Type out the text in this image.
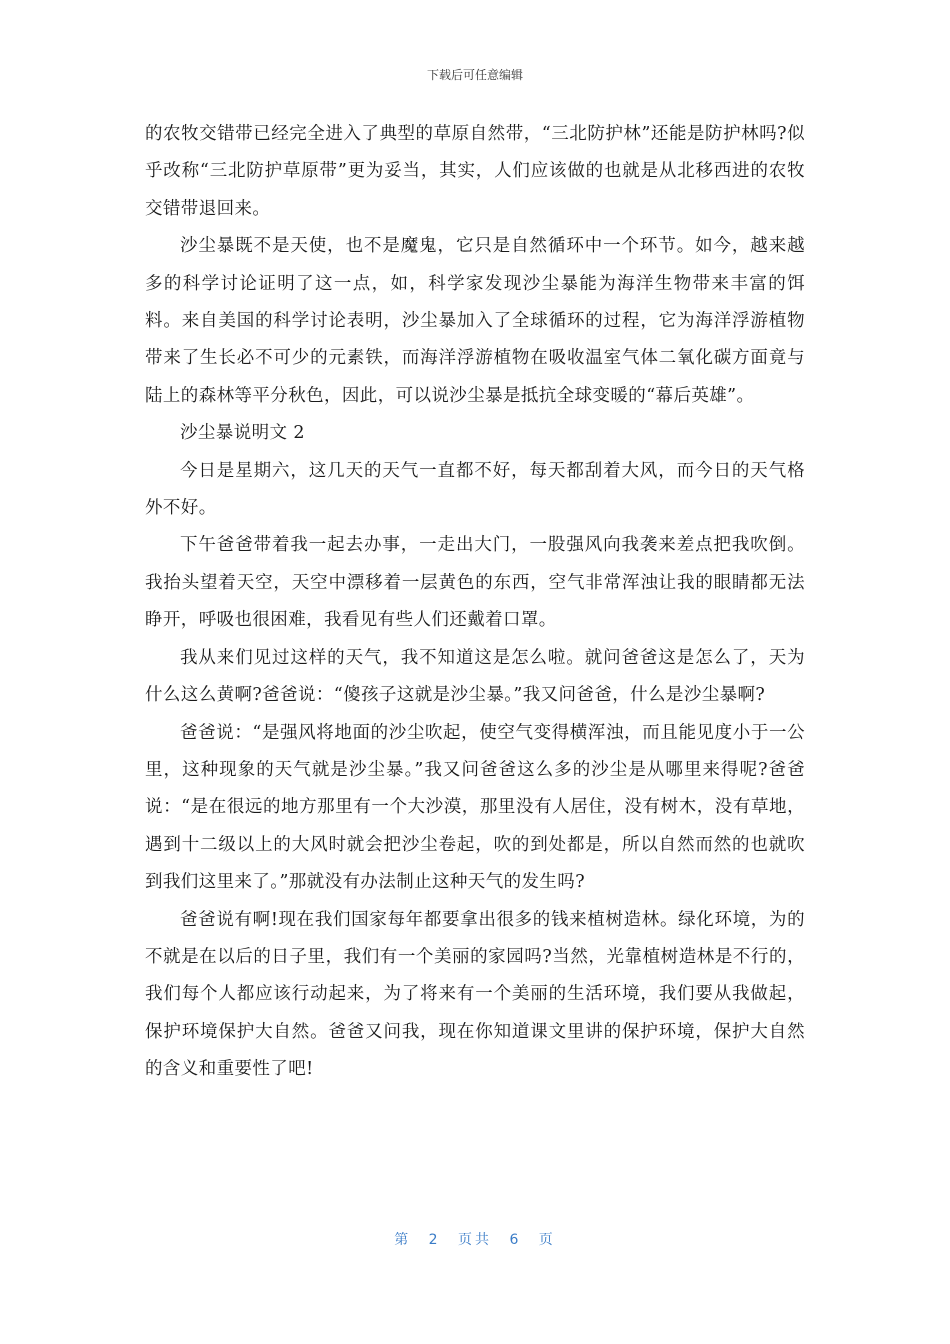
下载后可任意编辑

的农牧交错带已经完全进入了典型的草原自然带，“三北防护林”还能是防护林吗?似乎改称“三北防护草原带”更为妥当，其实，人们应该做的也就是从北移西进的农牧交错带退回来。

沙尘暴既不是天使，也不是魔鬼，它只是自然循环中一个环节。如今，越来越多的科学讨论证明了这一点，如，科学家发现沙尘暴能为海洋生物带来丰富的饵料。来自美国的科学讨论表明，沙尘暴加入了全球循环的过程，它为海洋浮游植物带来了生长必不可少的元素铁，而海洋浮游植物在吸收温室气体二氧化碳方面竟与陆上的森林等平分秋色，因此，可以说沙尘暴是抵抗全球变暖的“幕后英雄”。

沙尘暴说明文 2

今日是星期六，这几天的天气一直都不好，每天都刮着大风，而今日的天气格外不好。

下午爸爸带着我一起去办事，一走出大门，一股强风向我袭来差点把我吹倒。我抬头望着天空，天空中漂移着一层黄色的东西，空气非常浑浊让我的眼睛都无法睁开，呼吸也很困难，我看见有些人们还戴着口罩。

我从来们见过这样的天气，我不知道这是怎么啦。就问爸爸这是怎么了，天为什么这么黄啊?爸爸说：“傻孩子这就是沙尘暴。”我又问爸爸，什么是沙尘暴啊?

爸爸说：“是强风将地面的沙尘吹起，使空气变得横浑浊，而且能见度小于一公里，这种现象的天气就是沙尘暴。”我又问爸爸这么多的沙尘是从哪里来得呢?爸爸说：“是在很远的地方那里有一个大沙漠，那里没有人居住，没有树木，没有草地，遇到十二级以上的大风时就会把沙尘卷起，吹的到处都是，所以自然而然的也就吹到我们这里来了。”那就没有办法制止这种天气的发生吗?

爸爸说有啊!现在我们国家每年都要拿出很多的钱来植树造林。绿化环境，为的不就是在以后的日子里，我们有一个美丽的家园吗?当然，光靠植树造林是不行的，我们每个人都应该行动起来，为了将来有一个美丽的生活环境，我们要从我做起，保护环境保护大自然。爸爸又问我，现在你知道课文里讲的保护环境，保护大自然的含义和重要性了吧!

第 2 页共 6 页
